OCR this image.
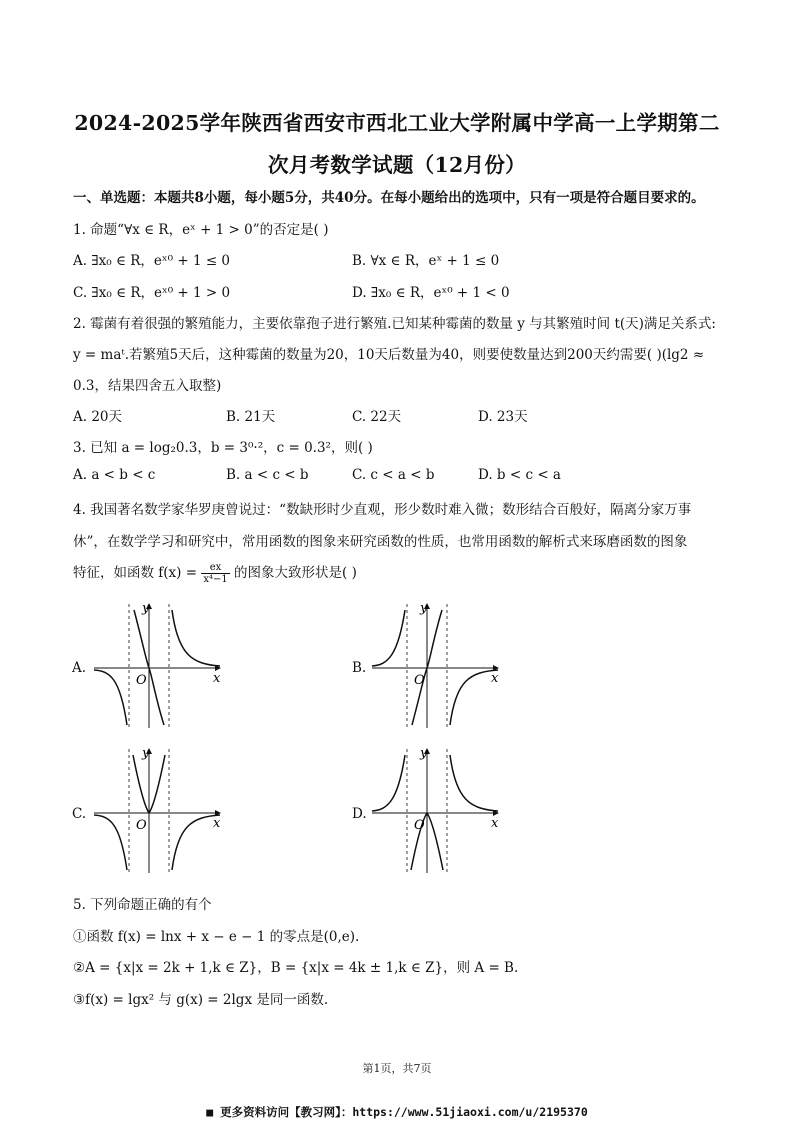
2024-2025学年陕西省西安市西北工业大学附属中学高一上学期第二
次月考数学试题（12月份）
一、单选题：本题共8小题，每小题5分，共40分。在每小题给出的选项中，只有一项是符合题目要求的。
1. 命题“∀x ∈ R，eˣ + 1 > 0”的否定是( )
A. ∃x₀ ∈ R，eˣ⁰ + 1 ≤ 0	B. ∀x ∈ R，eˣ + 1 ≤ 0
C. ∃x₀ ∈ R，eˣ⁰ + 1 > 0	D. ∃x₀ ∈ R，eˣ⁰ + 1 < 0
2. 霉菌有着很强的繁殖能力，主要依靠孢子进行繁殖.已知某种霉菌的数量 y 与其繁殖时间 t(天)满足关系式:
y = maᵗ.若繁殖5天后，这种霉菌的数量为20，10天后数量为40，则要使数量达到200天约需要( )(lg2 ≈
0.3，结果四舍五入取整)
A. 20天	B. 21天	C. 22天	D. 23天
3. 已知 a = log₂0.3，b = 3⁰·²，c = 0.3²，则( )
A. a < b < c	B. a < c < b	C. c < a < b	D. b < c < a
4. 我国著名数学家华罗庚曾说过：“数缺形时少直观，形少数时难入微；数形结合百般好，隔离分家万事
休”，在数学学习和研究中，常用函数的图象来研究函数的性质，也常用函数的解析式来琢磨函数的图象
特征，如函数 $f(x) = \frac{ex}{\text{x⁴−1}}$ 的图象大致形状是( )
A.	B.
C.	D.
x
y
O	x
y
O
x
y
O	x
y
O
5. 下列命题正确的有个
①函数 f(x) = lnx + x − e − 1 的零点是(0,e).
②A = {x|x = 2k + 1,k ∈ Z}，B = {x|x = 4k ± 1,k ∈ Z}，则 A = B.
③f(x) = lgx² 与 g(x) = 2lgx 是同一函数.
第1页，共7页
■ 更多资料访问【教习网】：https://www.51jiaoxi.com/u/2195370
